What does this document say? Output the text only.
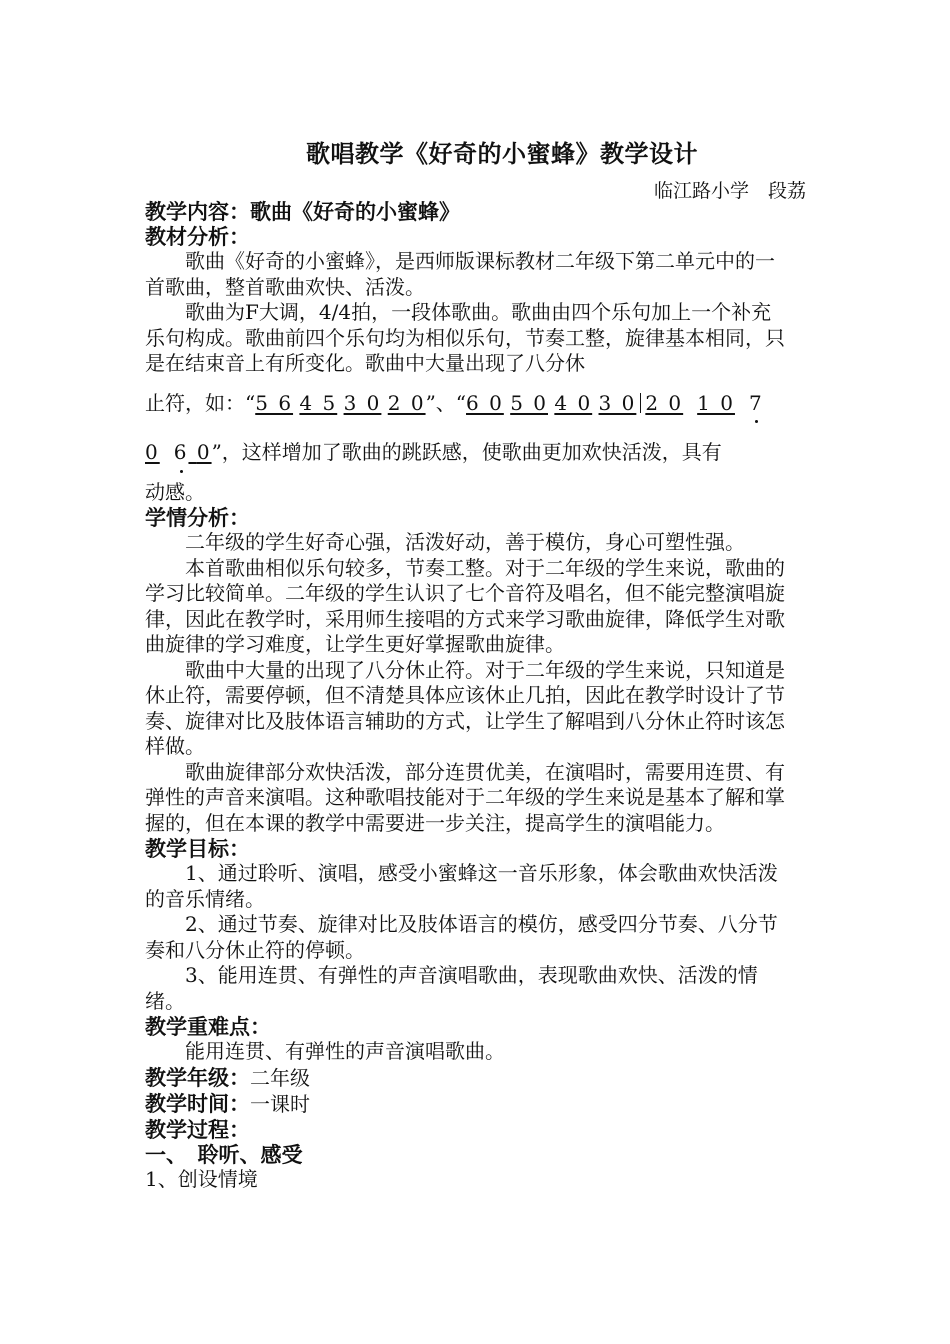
歌唱教学《好奇的小蜜蜂》教学设计
临江路小学　段荔
教学内容：歌曲《好奇的小蜜蜂》
教材分析：

歌曲《好奇的小蜜蜂》，是西师版课标教材二年级下第二单元中的一首歌曲，整首歌曲欢快、活泼。

歌曲为F大调，4/4拍，一段体歌曲。歌曲由四个乐句加上一个补充乐句构成。歌曲前四个乐句均为相似乐句，节奏工整，旋律基本相同，只是在结束音上有所变化。歌曲中大量出现了八分休

止符，如：“5 6 4 5 3 0 2 0”、“6 0 5 0 4 0 3 0 2 0 1 0 7

0 6 0”，这样增加了歌曲的跳跃感，使歌曲更加欢快活泼，具有

动感。

学情分析：

二年级的学生好奇心强，活泼好动，善于模仿，身心可塑性强。

本首歌曲相似乐句较多，节奏工整。对于二年级的学生来说，歌曲的学习比较简单。二年级的学生认识了七个音符及唱名，但不能完整演唱旋律，因此在教学时，采用师生接唱的方式来学习歌曲旋律，降低学生对歌曲旋律的学习难度，让学生更好掌握歌曲旋律。

歌曲中大量的出现了八分休止符。对于二年级的学生来说，只知道是休止符，需要停顿，但不清楚具体应该休止几拍，因此在教学时设计了节奏、旋律对比及肢体语言辅助的方式，让学生了解唱到八分休止符时该怎样做。

歌曲旋律部分欢快活泼，部分连贯优美，在演唱时，需要用连贯、有弹性的声音来演唱。这种歌唱技能对于二年级的学生来说是基本了解和掌握的，但在本课的教学中需要进一步关注，提高学生的演唱能力。

教学目标：

1、通过聆听、演唱，感受小蜜蜂这一音乐形象，体会歌曲欢快活泼的音乐情绪。

2、通过节奏、旋律对比及肢体语言的模仿，感受四分节奏、八分节奏和八分休止符的停顿。

3、能用连贯、有弹性的声音演唱歌曲，表现歌曲欢快、活泼的情绪。

教学重难点：

能用连贯、有弹性的声音演唱歌曲。

教学年级：二年级
教学时间：一课时
教学过程：
一、　聆听、感受

1、创设情境
